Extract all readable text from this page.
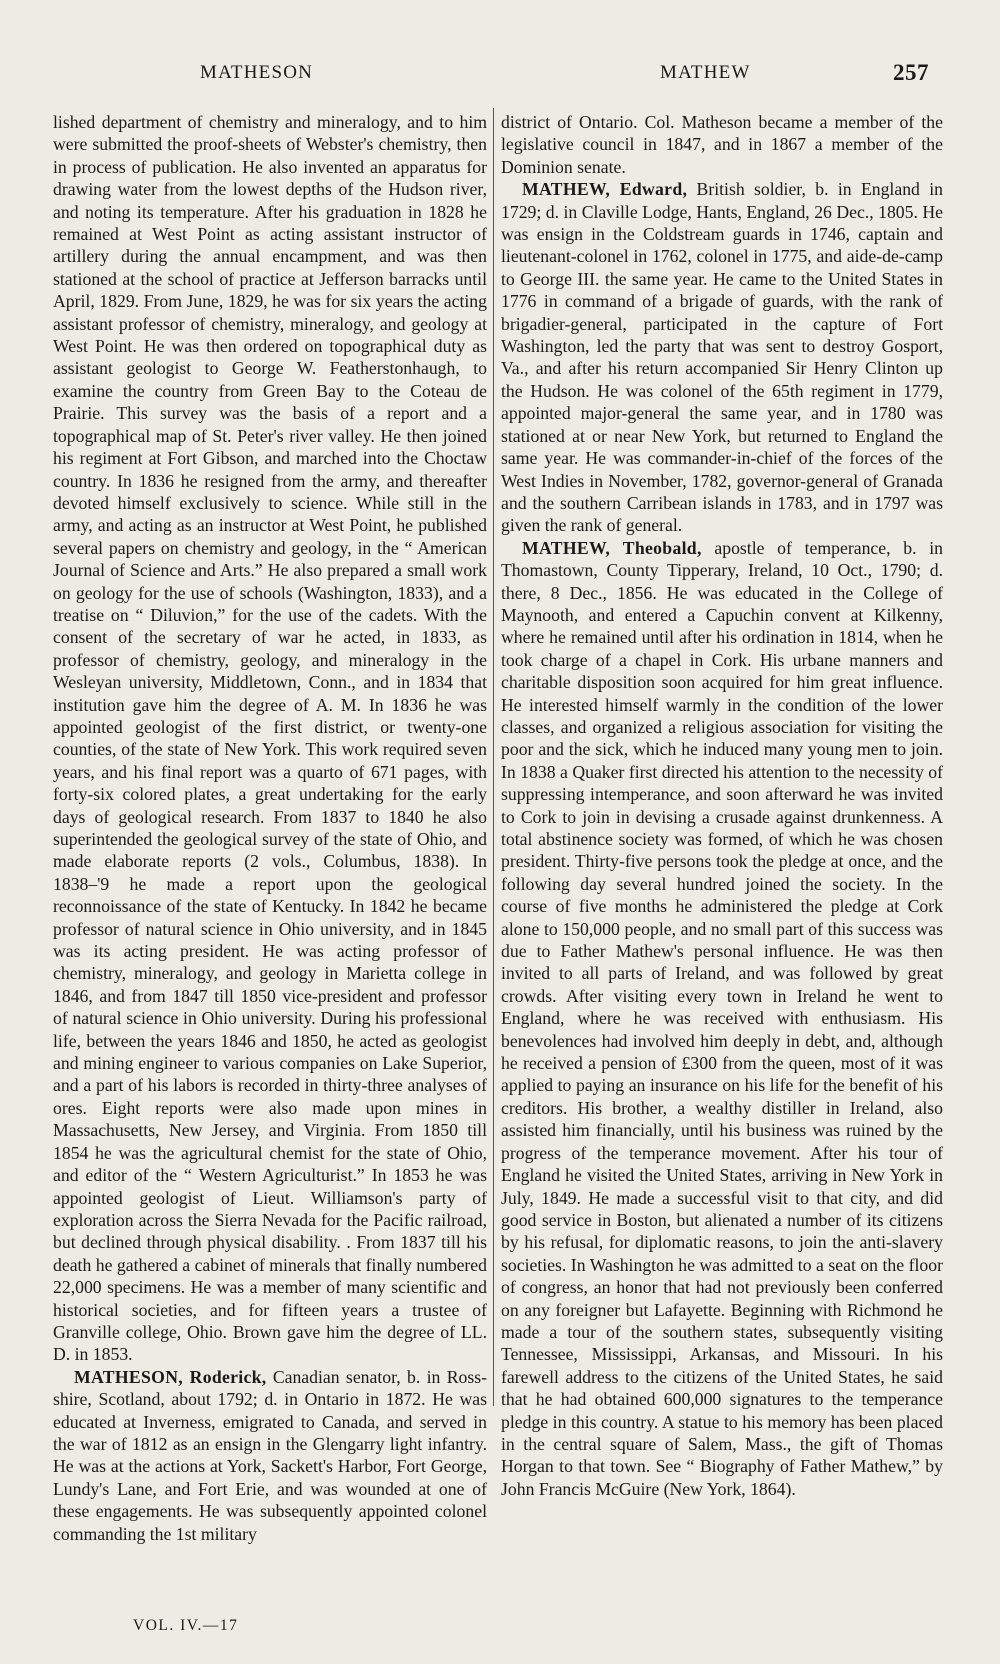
MATHESON	MATHEW	257

lished department of chemistry and mineralogy, and to him were submitted the proof-sheets of Webster's chemistry, then in process of publication. He also invented an apparatus for drawing water from the lowest depths of the Hudson river, and noting its temperature. After his graduation in 1828 he remained at West Point as acting assistant instructor of artillery during the annual encampment, and was then stationed at the school of practice at Jefferson barracks until April, 1829. From June, 1829, he was for six years the acting assistant professor of chemistry, mineralogy, and geology at West Point. He was then ordered on topographical duty as assistant geologist to George W. Featherstonhaugh, to examine the country from Green Bay to the Coteau de Prairie. This survey was the basis of a report and a topographical map of St. Peter's river valley. He then joined his regiment at Fort Gibson, and marched into the Choctaw country. In 1836 he resigned from the army, and thereafter devoted himself exclusively to science. While still in the army, and acting as an instructor at West Point, he published several papers on chemistry and geology, in the “ American Journal of Science and Arts.” He also prepared a small work on geology for the use of schools (Washington, 1833), and a treatise on “ Diluvion,” for the use of the cadets. With the consent of the secretary of war he acted, in 1833, as professor of chemistry, geology, and mineralogy in the Wesleyan university, Middletown, Conn., and in 1834 that institution gave him the degree of A. M. In 1836 he was appointed geologist of the first district, or twenty-one counties, of the state of New York. This work required seven years, and his final report was a quarto of 671 pages, with forty-six colored plates, a great undertaking for the early days of geological research. From 1837 to 1840 he also superintended the geological survey of the state of Ohio, and made elaborate reports (2 vols., Columbus, 1838). In 1838–'9 he made a report upon the geological reconnoissance of the state of Kentucky. In 1842 he became professor of natural science in Ohio university, and in 1845 was its acting president. He was acting professor of chemistry, mineralogy, and geology in Marietta college in 1846, and from 1847 till 1850 vice-president and professor of natural science in Ohio university. During his professional life, between the years 1846 and 1850, he acted as geologist and mining engineer to various companies on Lake Superior, and a part of his labors is recorded in thirty-three analyses of ores. Eight reports were also made upon mines in Massachusetts, New Jersey, and Virginia. From 1850 till 1854 he was the agricultural chemist for the state of Ohio, and editor of the “ Western Agriculturist.” In 1853 he was appointed geologist of Lieut. Williamson's party of exploration across the Sierra Nevada for the Pacific railroad, but declined through physical disability. . From 1837 till his death he gathered a cabinet of minerals that finally numbered 22,000 specimens. He was a member of many scientific and historical societies, and for fifteen years a trustee of Granville college, Ohio. Brown gave him the degree of LL. D. in 1853.

MATHESON, Roderick, Canadian senator, b. in Ross-shire, Scotland, about 1792; d. in Ontario in 1872. He was educated at Inverness, emigrated to Canada, and served in the war of 1812 as an ensign in the Glengarry light infantry. He was at the actions at York, Sackett's Harbor, Fort George, Lundy's Lane, and Fort Erie, and was wounded at one of these engagements. He was subsequently appointed colonel commanding the 1st military

district of Ontario. Col. Matheson became a member of the legislative council in 1847, and in 1867 a member of the Dominion senate.

MATHEW, Edward, British soldier, b. in England in 1729; d. in Claville Lodge, Hants, England, 26 Dec., 1805. He was ensign in the Coldstream guards in 1746, captain and lieutenant-colonel in 1762, colonel in 1775, and aide-de-camp to George III. the same year. He came to the United States in 1776 in command of a brigade of guards, with the rank of brigadier-general, participated in the capture of Fort Washington, led the party that was sent to destroy Gosport, Va., and after his return accompanied Sir Henry Clinton up the Hudson. He was colonel of the 65th regiment in 1779, appointed major-general the same year, and in 1780 was stationed at or near New York, but returned to England the same year. He was commander-in-chief of the forces of the West Indies in November, 1782, governor-general of Granada and the southern Carribean islands in 1783, and in 1797 was given the rank of general.

MATHEW, Theobald, apostle of temperance, b. in Thomastown, County Tipperary, Ireland, 10 Oct., 1790; d. there, 8 Dec., 1856. He was educated in the College of Maynooth, and entered a Capuchin convent at Kilkenny, where he remained until after his ordination in 1814, when he took charge of a chapel in Cork. His urbane manners and charitable disposition soon acquired for him great influence. He interested himself warmly in the condition of the lower classes, and organized a religious association for visiting the poor and the sick, which he induced many young men to join. In 1838 a Quaker first directed his attention to the necessity of suppressing intemperance, and soon afterward he was invited to Cork to join in devising a crusade against drunkenness. A total abstinence society was formed, of which he was chosen president. Thirty-five persons took the pledge at once, and the following day several hundred joined the society. In the course of five months he administered the pledge at Cork alone to 150,000 people, and no small part of this success was due to Father Mathew's personal influence. He was then invited to all parts of Ireland, and was followed by great crowds. After visiting every town in Ireland he went to England, where he was received with enthusiasm. His benevolences had involved him deeply in debt, and, although he received a pension of £300 from the queen, most of it was applied to paying an insurance on his life for the benefit of his creditors. His brother, a wealthy distiller in Ireland, also assisted him financially, until his business was ruined by the progress of the temperance movement. After his tour of England he visited the United States, arriving in New York in July, 1849. He made a successful visit to that city, and did good service in Boston, but alienated a number of its citizens by his refusal, for diplomatic reasons, to join the anti-slavery societies. In Washington he was admitted to a seat on the floor of congress, an honor that had not previously been conferred on any foreigner but Lafayette. Beginning with Richmond he made a tour of the southern states, subsequently visiting Tennessee, Mississippi, Arkansas, and Missouri. In his farewell address to the citizens of the United States, he said that he had obtained 600,000 signatures to the temperance pledge in this country. A statue to his memory has been placed in the central square of Salem, Mass., the gift of Thomas Horgan to that town. See “ Biography of Father Mathew,” by John Francis McGuire (New York, 1864).

VOL. IV.—17
